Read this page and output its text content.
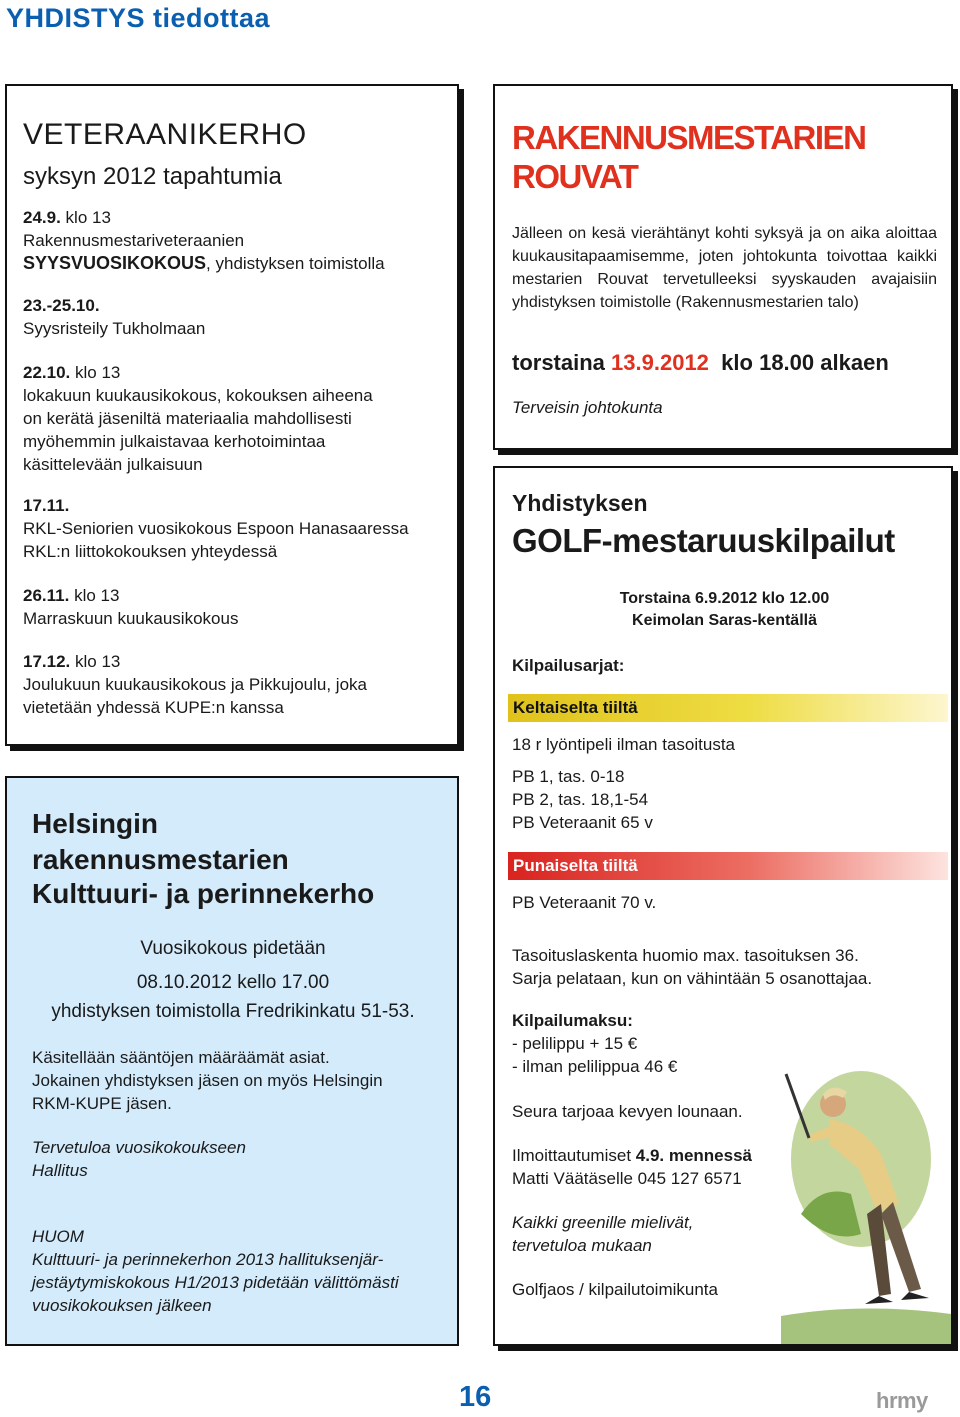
YHDISTYS tiedottaa
VETERAANIKERHO
syksyn 2012 tapahtumia
24.9. klo 13
Rakennusmestariveteraanien
SYYSVUOSIKOKOUS, yhdistyksen toimistolla
23.-25.10.
Syysristeily Tukholmaan
22.10. klo 13
lokakuun kuukausikokous, kokouksen aiheena
on kerätä jäseniltä materiaalia mahdollisesti
myöhemmin julkaistavaa kerhotoimintaa
käsittelevään julkaisuun
17.11.
RKL-Seniorien vuosikokous Espoon Hanasaaressa
RKL:n liittokokouksen yhteydessä
26.11. klo 13
Marraskuun kuukausikokous
17.12. klo 13
Joulukuun kuukausikokous ja Pikkujoulu, joka
vietetään yhdessä KUPE:n kanssa
RAKENNUSMESTARIEN
ROUVAT
Jälleen on kesä vierähtänyt kohti syksyä ja on aika aloittaa kuukausitapaamisemme, joten johtokunta toivottaa kaikki mestarien Rouvat tervetulleeksi syyskauden avajaisiin yhdistyksen toimistolle (Rakennusmestarien talo)
torstaina 13.9.2012 klo 18.00 alkaen
Terveisin johtokunta
Yhdistyksen
GOLF-mestaruuskilpailut
Torstaina 6.9.2012 klo 12.00
Keimolan Saras-kentällä
Kilpailusarjat:
Keltaiselta tiiltä
18 r lyöntipeli ilman tasoitusta
PB 1, tas. 0-18
PB 2, tas. 18,1-54
PB Veteraanit 65 v
Punaiselta tiiltä
PB Veteraanit 70 v.
Tasoituslaskenta huomio max. tasoituksen 36.
Sarja pelataan, kun on vähintään 5 osanottajaa.
Kilpailumaksu:
- pelilippu + 15 €
- ilman pelilippua 46 €
Seura tarjoaa kevyen lounaan.
Ilmoittautumiset 4.9. mennessä
Matti Väätäselle 045 127 6571
Kaikki greenille mielivät,
tervetuloa mukaan
Golfjaos / kilpailutoimikunta
Helsingin
rakennusmestarien
Kulttuuri- ja perinnekerho
Vuosikokous pidetään
08.10.2012 kello 17.00
yhdistyksen toimistolla Fredrikinkatu 51-53.
Käsitellään sääntöjen määräämät asiat.
Jokainen yhdistyksen jäsen on myös Helsingin
RKM-KUPE jäsen.
Tervetuloa vuosikokoukseen
Hallitus
HUOM
Kulttuuri- ja perinnekerhon 2013 hallituksenjär-
jestäytymiskokous H1/2013 pidetään välittömästi
vuosikokouksen jälkeen
16	hrmy
